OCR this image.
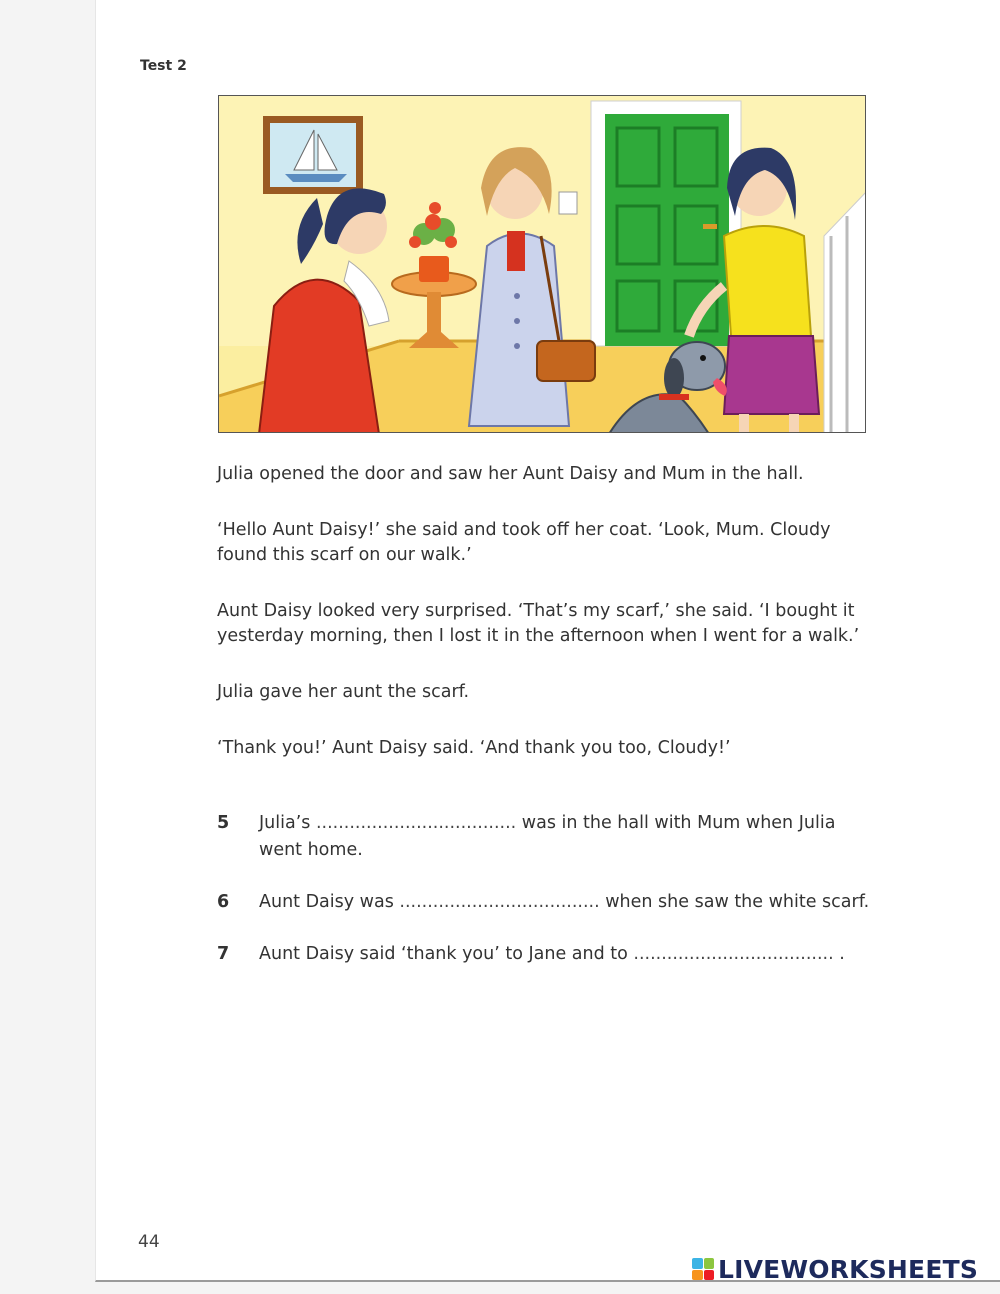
Test 2

Julia opened the door and saw her Aunt Daisy and Mum in the hall.

‘Hello Aunt Daisy!’ she said and took off her coat. ‘Look, Mum. Cloudy found this scarf on our walk.’

Aunt Daisy looked very surprised. ‘That’s my scarf,’ she said. ‘I bought it yesterday morning, then I lost it in the afternoon when I went for a walk.’

Julia gave her aunt the scarf.

‘Thank you!’ Aunt Daisy said. ‘And thank you too, Cloudy!’

5	Julia’s .................................... was in the hall with Mum when Julia went home.
6	Aunt Daisy was .................................... when she saw the white scarf.
7	Aunt Daisy said ‘thank you’ to Jane and to .................................... .
44
LIVEWORKSHEETS
